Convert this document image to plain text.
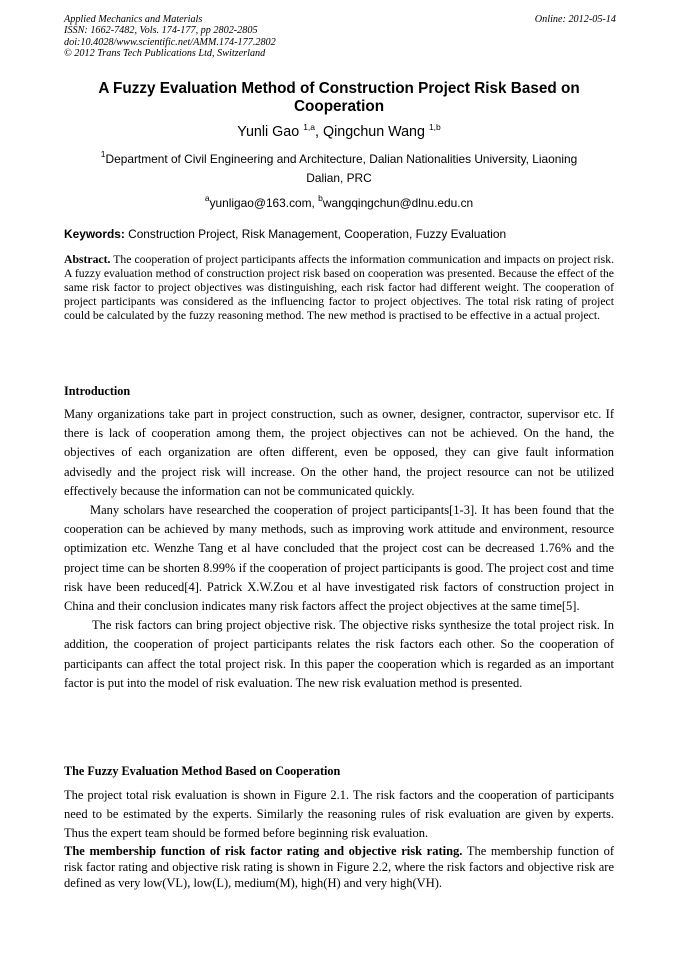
Applied Mechanics and Materials	Online: 2012-05-14
ISSN: 1662-7482, Vols. 174-177, pp 2802-2805
doi:10.4028/www.scientific.net/AMM.174-177.2802
© 2012 Trans Tech Publications Ltd, Switzerland
A Fuzzy Evaluation Method of Construction Project Risk Based on Cooperation
Yunli Gao $^{1,a}$, Qingchun Wang $^{1,b}$
$^1$Department of Civil Engineering and Architecture, Dalian Nationalities University, Liaoning Dalian, PRC
$^a$yunligao@163.com, $^b$wangqingchun@dlnu.edu.cn
Keywords: Construction Project, Risk Management, Cooperation, Fuzzy Evaluation
Abstract. The cooperation of project participants affects the information communication and impacts on project risk. A fuzzy evaluation method of construction project risk based on cooperation was presented. Because the effect of the same risk factor to project objectives was distinguishing, each risk factor had different weight. The cooperation of project participants was considered as the influencing factor to project objectives. The total risk rating of project could be calculated by the fuzzy reasoning method. The new method is practised to be effective in a actual project.
Introduction

Many organizations take part in project construction, such as owner, designer, contractor, supervisor etc. If there is lack of cooperation among them, the project objectives can not be achieved. On the hand, the objectives of each organization are often different, even be opposed, they can give fault information advisedly and the project risk will increase. On the other hand, the project resource can not be utilized effectively because the information can not be communicated quickly.

Many scholars have researched the cooperation of project participants[1-3]. It has been found that the cooperation can be achieved by many methods, such as improving work attitude and environment, resource optimization etc. Wenzhe Tang et al have concluded that the project cost can be decreased 1.76% and the project time can be shorten 8.99% if the cooperation of project participants is good. The project cost and time risk have been reduced[4]. Patrick X.W.Zou et al have investigated risk factors of construction project in China and their conclusion indicates many risk factors affect the project objectives at the same time[5].

The risk factors can bring project objective risk. The objective risks synthesize the total project risk. In addition, the cooperation of project participants relates the risk factors each other. So the cooperation of participants can affect the total project risk. In this paper the cooperation which is regarded as an important factor is put into the model of risk evaluation. The new risk evaluation method is presented.

The Fuzzy Evaluation Method Based on Cooperation

The project total risk evaluation is shown in Figure 2.1. The risk factors and the cooperation of participants need to be estimated by the experts. Similarly the reasoning rules of risk evaluation are given by experts. Thus the expert team should be formed before beginning risk evaluation.

The membership function of risk factor rating and objective risk rating. The membership function of risk factor rating and objective risk rating is shown in Figure 2.2, where the risk factors and objective risk are defined as very low(VL), low(L), medium(M), high(H) and very high(VH).
